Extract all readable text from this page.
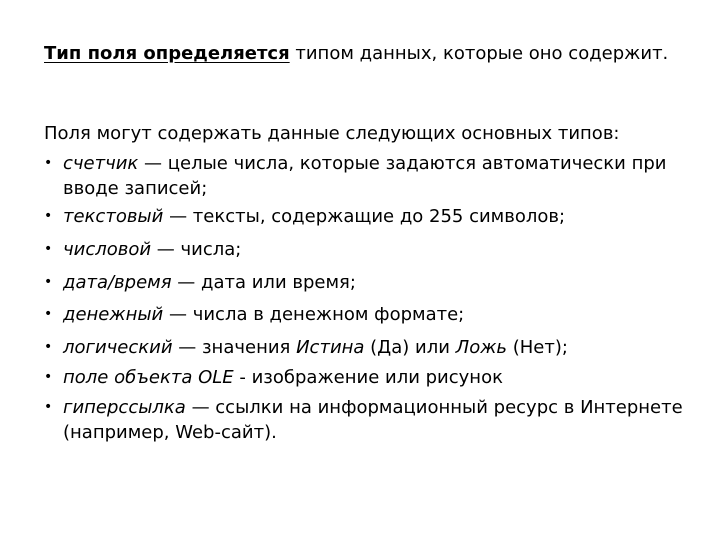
Тип поля определяется типом данных, которые оно содержит.

Поля могут содержать данные следующих основных типов:

• счетчик — целые числа, которые задаются автоматически при вводе записей;
• текстовый — тексты, содержащие до 255 символов;
• числовой — числа;
• дата/время — дата или время;
• денежный — числа в денежном формате;
• логический — значения Истина (Да) или Ложь (Нет);
• поле объекта OLE - изображение или рисунок
• гиперссылка — ссылки на информационный ресурс в Интернете (например, Web-сайт).
